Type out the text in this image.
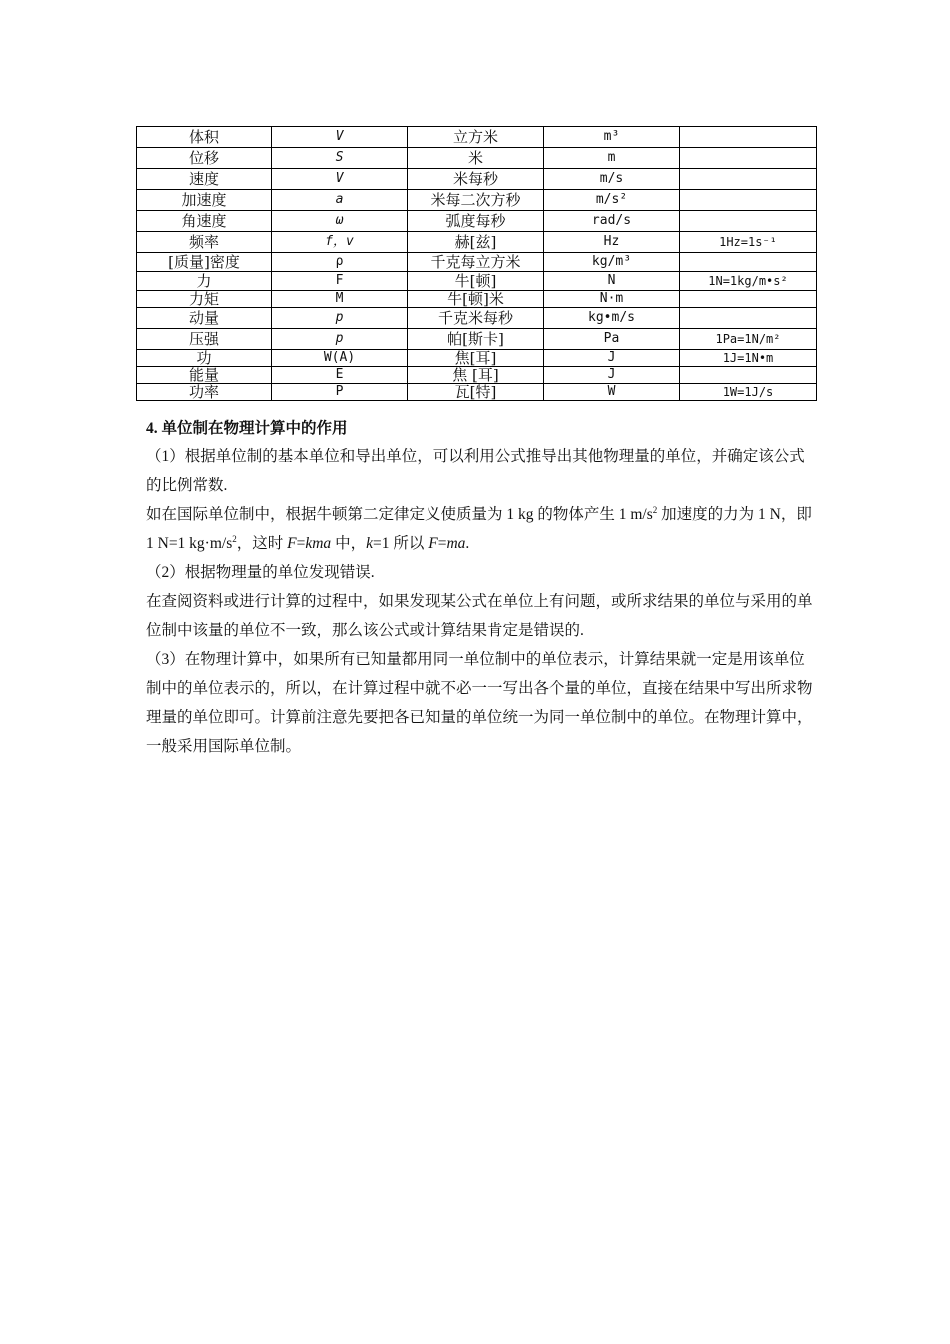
体积	V	立方米	m³	
位移	S	米	m	
速度	V	米每秒	m/s	
加速度	a	米每二次方秒	m/s²	
角速度	ω	弧度每秒	rad/s	
频率	f，v	赫[兹]	Hz	1Hz=1s⁻¹
[质量]密度	ρ	千克每立方米	kg/m³	
力	F	牛[顿]	N	1N=1kg/m•s²
力矩	M	牛[顿]米	N·m	
动量	p	千克米每秒	kg•m/s	
压强	p	帕[斯卡]	Pa	1Pa=1N/m²
功	W(A)	焦[耳]	J	1J=1N•m
能量	E	焦 [耳]	J	
功率	P	瓦[特]	W	1W=1J/s
4. 单位制在物理计算中的作用

（1）根据单位制的基本单位和导出单位，可以利用公式推导出其他物理量的单位，并确定该公式的比例常数.

如在国际单位制中，根据牛顿第二定律定义使质量为 1 kg 的物体产生 1 $m/s^2$ 加速度的力为 1 N，即 1 N=1 $kg\cdot m/s^2$，这时 F=kma 中，k=1 所以 F=ma.

（2）根据物理量的单位发现错误.

在查阅资料或进行计算的过程中，如果发现某公式在单位上有问题，或所求结果的单位与采用的单位制中该量的单位不一致，那么该公式或计算结果肯定是错误的.

（3）在物理计算中，如果所有已知量都用同一单位制中的单位表示，计算结果就一定是用该单位制中的单位表示的，所以，在计算过程中就不必一一写出各个量的单位，直接在结果中写出所求物理量的单位即可。计算前注意先要把各已知量的单位统一为同一单位制中的单位。在物理计算中，一般采用国际单位制。
